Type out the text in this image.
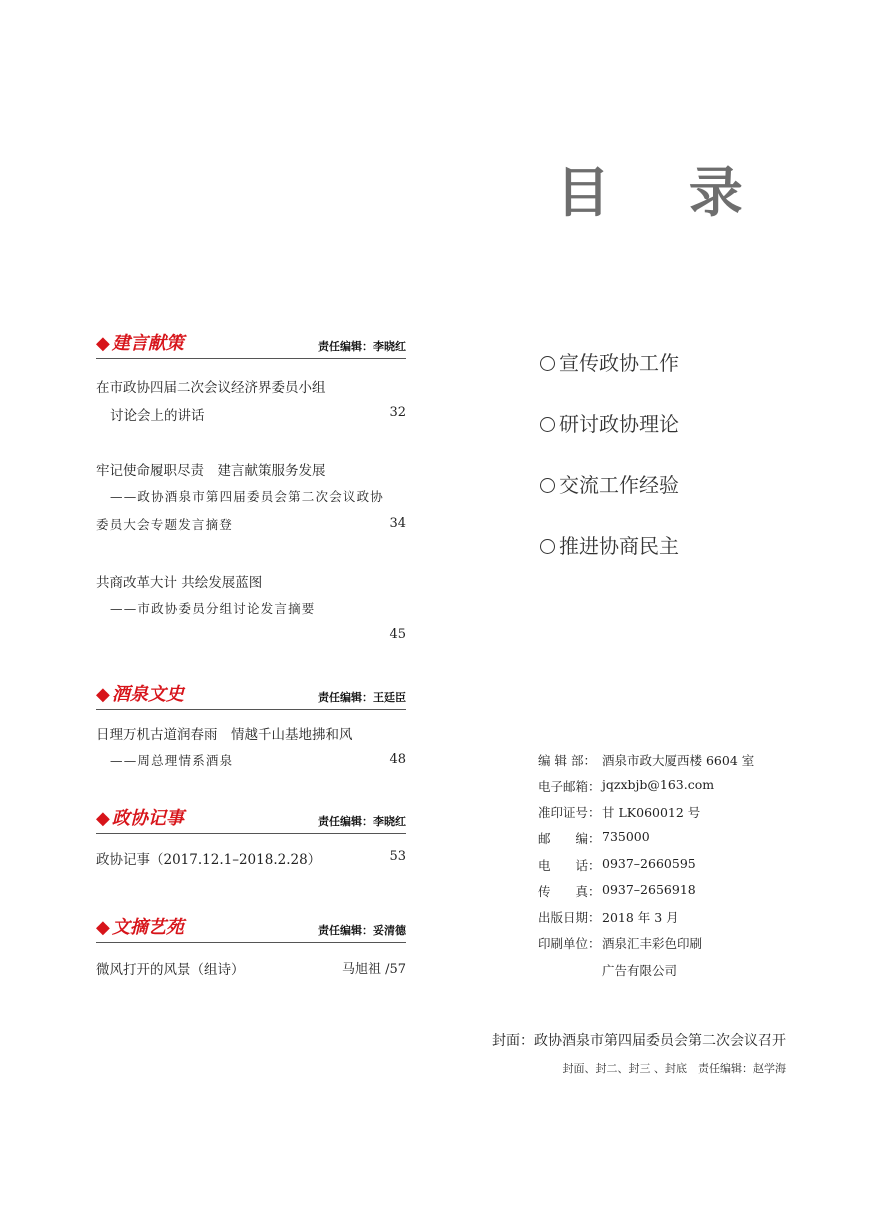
目 录
◆ 建言献策	责任编辑：李晓红
在市政协四届二次会议经济界委员小组
讨论会上的讲话	32
牢记使命履职尽责　建言献策服务发展
——政协酒泉市第四届委员会第二次会议政协
委员大会专题发言摘登	34
共商改革大计 共绘发展蓝图
——市政协委员分组讨论发言摘要
45
◆ 酒泉文史	责任编辑：王廷臣
日理万机古道润春雨　情越千山基地拂和风
——周总理情系酒泉	48
◆ 政协记事	责任编辑：李晓红
政协记事（2017.12.1–2018.2.28）	53
◆ 文摘艺苑	责任编辑：妥清德
微风打开的风景（组诗）	马旭祖 /57
宣传政协工作
研讨政协理论
交流工作经验
推进协商民主
编 辑 部： 酒泉市政大厦西楼 6604 室
电子邮箱： jqzxbjb@163.com
准印证号： 甘 LK060012 号
邮　　编： 735000
电　　话： 0937–2660595
传　　真： 0937–2656918
出版日期： 2018 年 3 月
印刷单位： 酒泉汇丰彩色印刷
广告有限公司
封面：政协酒泉市第四届委员会第二次会议召开
封面、封二、封三 、封底　责任编辑：赵学海
